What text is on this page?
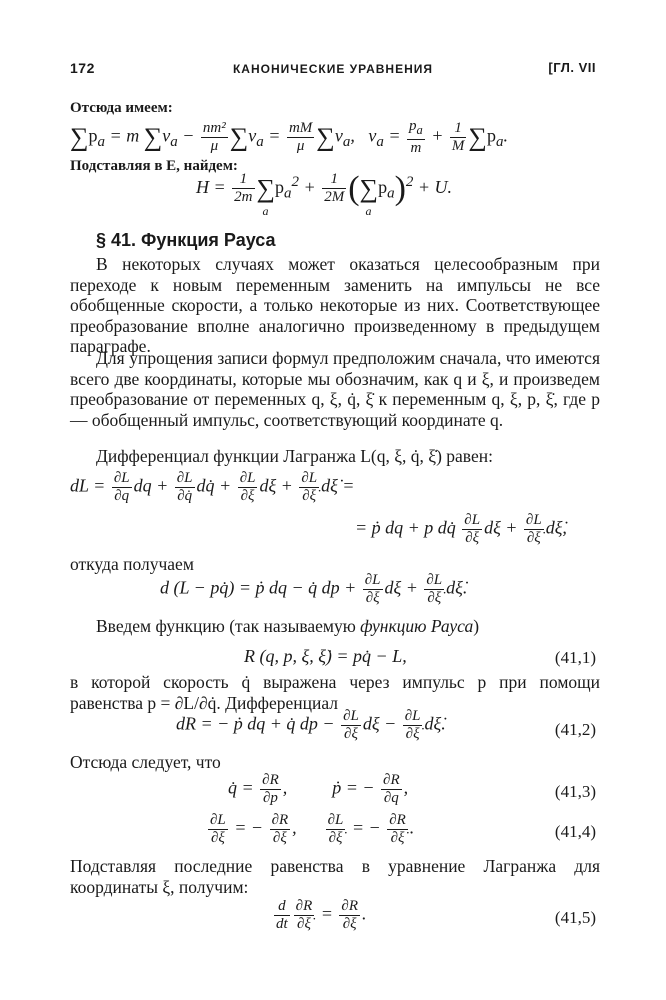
172	КАНОНИЧЕСКИЕ УРАВНЕНИЯ	[ГЛ. VII
Отсюда имеем:
$\sum p_a = m$ $\sum v_a - \frac{\text{nm²}}{\mu} \sum v_a = \frac{mM}{\mu} \sum v_a$,   $v_a = \frac{p_a}{m} + \frac{1}{M} \sum p_a$.
Подставляя в E, найдем:
$H = \frac{1}{2m}$ ∑
a
$p_a^2 + \frac{1}{2M}$ (∑
a
$p_a)^2 + U$.
§ 41. Функция Рауса
В некоторых случаях может оказаться целесообразным при переходе к новым переменным заменить на импульсы не все обобщенные скорости, а только некоторые из них. Соответствующее преобразование вполне аналогично произведенному в предыдущем параграфе.
Для упрощения записи формул предположим сначала, что имеются всего две координаты, которые мы обозначим, как q и ξ, и произведем преобразование от переменных q, ξ, q̇, ξ̇ к переменным q, ξ, p, ξ̇, где p — обобщенный импульс, соответствующий координате q.
Дифференциал функции Лагранжа L(q, ξ, q̇, ξ̇) равен:
dL = $\frac{\partial L}{\partial q}$ dq + $\frac{\partial L}{\partial q̇}$ dq̇ + $\frac{\partial L}{\partial\xi}$ $d\xi + \frac{\partial L}{\partial\xi̇}$ dξ̇ =
= ṗ dq + p dq̇ $\frac{\partial L}{\partial\xi}$ $d\xi + \frac{\partial L}{\partial\xi̇}$ dξ̇,
откуда получаем
d (L − pq̇) = ṗ dq − q̇ dp + $\frac{\partial L}{\partial\xi}$ $d\xi + \frac{\partial L}{\partial\xi̇}$ dξ̇.
Введем функцию (так называемую функцию Рауса)
R (q, p, ξ, ξ̇) = pq̇ − L,	(41,1)
в которой скорость q̇ выражена через импульс p при помощи равенства p = ∂L/∂q̇. Дифференциал
dR = − ṗ dq + q̇ dp − $\frac{\partial L}{\partial\xi}$ $d\xi - \frac{\partial L}{\partial\xi̇}$ dξ̇.	(41,2)
Отсюда следует, что
q̇ = $\frac{\partial R}{\partial p}$ ,          ṗ = − $\frac{\partial R}{\partial q}$ ,	(41,3)
$\frac{\partial L}{\partial\xi}$ = − $\frac{\partial R}{\partial\xi}$ , $\frac{\partial L}{\partial\xi̇}$ = − $\frac{\partial R}{\partial\xi̇}$ .	(41,4)
Подставляя последние равенства в уравнение Лагранжа для координаты ξ, получим:
$\frac{d}{dt} \frac{\partial R}{\partial\xi̇} = \frac{\partial R}{\partial\xi}$ .	(41,5)
